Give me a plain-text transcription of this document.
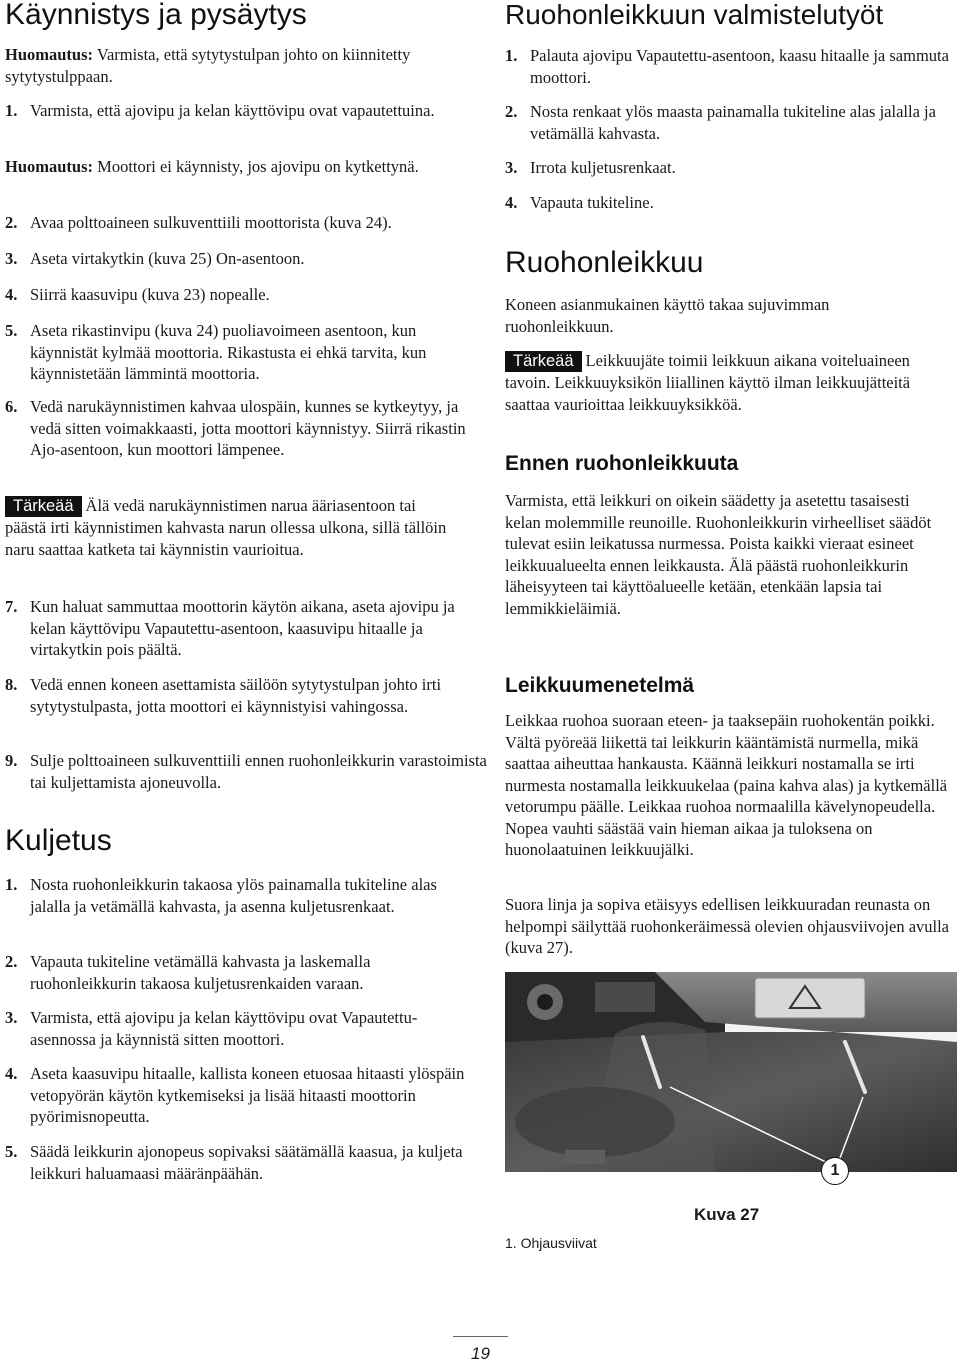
Käynnistys ja pysäytys

Huomautus: Varmista, että sytytystulpan johto on kiinnitetty sytytystulppaan.

1. Varmista, että ajovipu ja kelan käyttövipu ovat vapautettuina.

Huomautus: Moottori ei käynnisty, jos ajovipu on kytkettynä.

2. Avaa polttoaineen sulkuventtiili moottorista (kuva 24).

3. Aseta virtakytkin (kuva 25) On-asentoon.

4. Siirrä kaasuvipu (kuva 23) nopealle.

5. Aseta rikastinvipu (kuva 24) puoliavoimeen asentoon, kun käynnistät kylmää moottoria. Rikastusta ei ehkä tarvita, kun käynnistetään lämmintä moottoria.

6. Vedä narukäynnistimen kahvaa ulospäin, kunnes se kytkeytyy, ja vedä sitten voimakkaasti, jotta moottori käynnistyy. Siirrä rikastin Ajo-asentoon, kun moottori lämpenee.

Tärkeää Älä vedä narukäynnistimen narua ääriasentoon tai päästä irti käynnistimen kahvasta narun ollessa ulkona, sillä tällöin naru saattaa katketa tai käynnistin vaurioitua.

7. Kun haluat sammuttaa moottorin käytön aikana, aseta ajovipu ja kelan käyttövipu Vapautettu-asentoon, kaasuvipu hitaalle ja virtakytkin pois päältä.

8. Vedä ennen koneen asettamista säilöön sytytystulpan johto irti sytytystulpasta, jotta moottori ei käynnistyisi vahingossa.

9. Sulje polttoaineen sulkuventtiili ennen ruohonleikkurin varastoimista tai kuljettamista ajoneuvolla.

Kuljetus

1. Nosta ruohonleikkurin takaosa ylös painamalla tukiteline alas jalalla ja vetämällä kahvasta, ja asenna kuljetusrenkaat.

2. Vapauta tukiteline vetämällä kahvasta ja laskemalla ruohonleikkurin takaosa kuljetusrenkaiden varaan.

3. Varmista, että ajovipu ja kelan käyttövipu ovat Vapautettu-asennossa ja käynnistä sitten moottori.

4. Aseta kaasuvipu hitaalle, kallista koneen etuosaa hitaasti ylöspäin vetopyörän käytön kytkemiseksi ja lisää hitaasti moottorin pyörimisnopeutta.

5. Säädä leikkurin ajonopeus sopivaksi säätämällä kaasua, ja kuljeta leikkuri haluamaasi määränpäähän.

Ruohonleikkuun valmistelutyöt

1. Palauta ajovipu Vapautettu-asentoon, kaasu hitaalle ja sammuta moottori.

2. Nosta renkaat ylös maasta painamalla tukiteline alas jalalla ja vetämällä kahvasta.

3. Irrota kuljetusrenkaat.

4. Vapauta tukiteline.

Ruohonleikkuu

Koneen asianmukainen käyttö takaa sujuvimman ruohonleikkuun.

Tärkeää Leikkuujäte toimii leikkuun aikana voiteluaineen tavoin. Leikkuuyksikön liiallinen käyttö ilman leikkuujätteitä saattaa vaurioittaa leikkuuyksikköä.

Ennen ruohonleikkuuta

Varmista, että leikkuri on oikein säädetty ja asetettu tasaisesti kelan molemmille reunoille. Ruohonleikkurin virheelliset säädöt tulevat esiin leikatussa nurmessa. Poista kaikki vieraat esineet leikkuualueelta ennen leikkausta. Älä päästä ruohonleikkurin läheisyyteen tai käyttöalueelle ketään, etenkään lapsia tai lemmikkieläimiä.

Leikkuumenetelmä

Leikkaa ruohoa suoraan eteen- ja taaksepäin ruohokentän poikki. Vältä pyöreää liikettä tai leikkurin kääntämistä nurmella, mikä saattaa aiheuttaa hankausta. Käännä leikkuri nostamalla se irti nurmesta nostamalla leikkuukelaa (paina kahva alas) ja kytkemällä vetorumpu päälle. Leikkaa ruohoa normaalilla kävelynopeudella. Nopea vauhti säästää vain hieman aikaa ja tuloksena on huonolaatuinen leikkuujälki.

Suora linja ja sopiva etäisyys edellisen leikkuuradan reunasta on helpompi säilyttää ruohonkeräimessä olevien ohjausviivojen avulla (kuva 27).

1
Kuva 27
1. Ohjausviivat
19
